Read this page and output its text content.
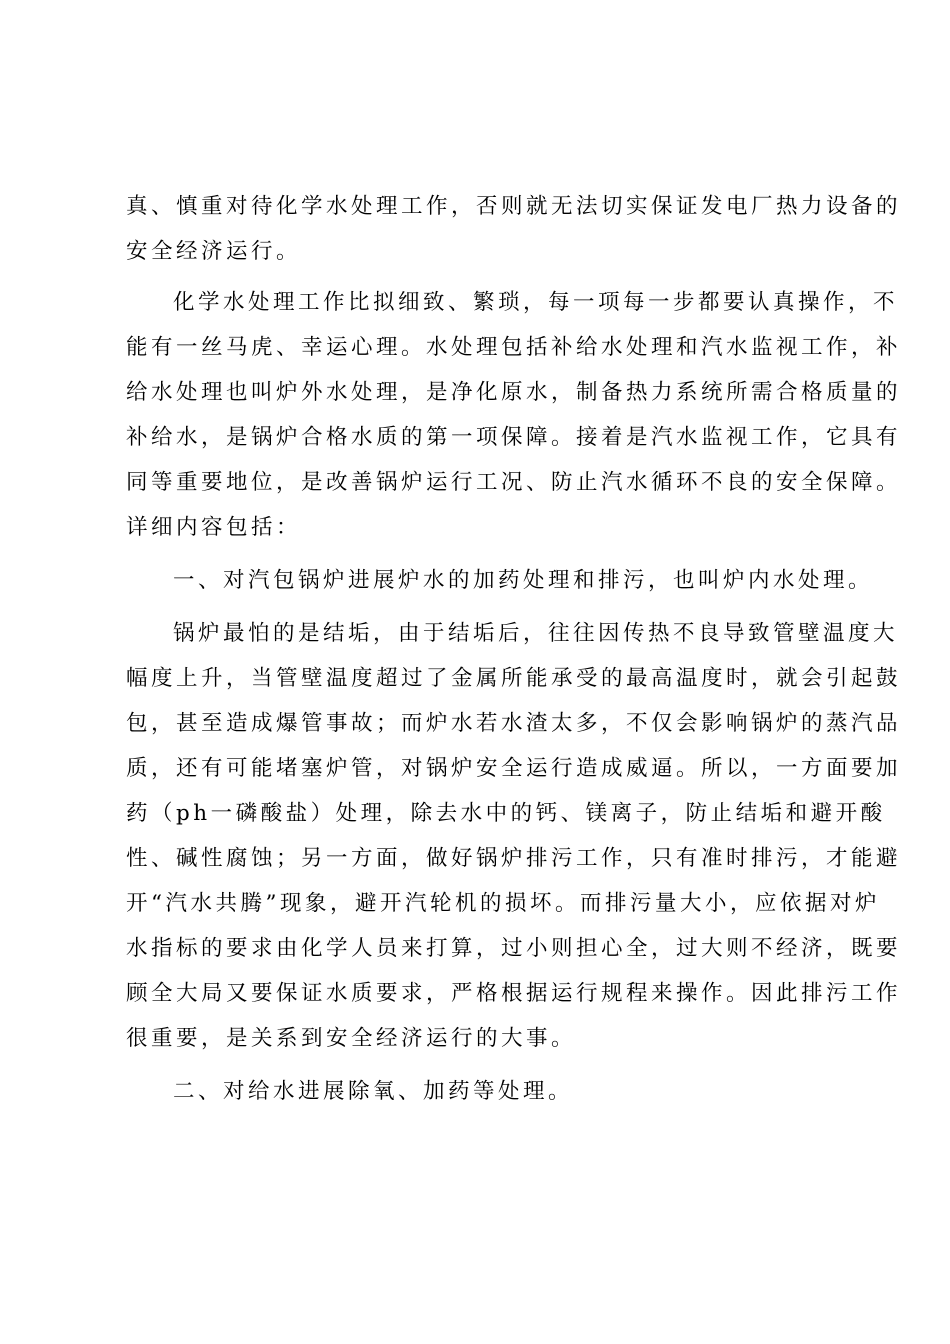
真、慎重对待化学水处理工作，否则就无法切实保证发电厂热力设备的
安全经济运行。
化学水处理工作比拟细致、繁琐，每一项每一步都要认真操作，不
能有一丝马虎、幸运心理。水处理包括补给水处理和汽水监视工作，补
给水处理也叫炉外水处理，是净化原水，制备热力系统所需合格质量的
补给水，是锅炉合格水质的第一项保障。接着是汽水监视工作，它具有
同等重要地位，是改善锅炉运行工况、防止汽水循环不良的安全保障。
详细内容包括：
一、对汽包锅炉进展炉水的加药处理和排污，也叫炉内水处理。
锅炉最怕的是结垢，由于结垢后，往往因传热不良导致管壁温度大
幅度上升，当管壁温度超过了金属所能承受的最高温度时，就会引起鼓
包，甚至造成爆管事故；而炉水若水渣太多，不仅会影响锅炉的蒸汽品
质，还有可能堵塞炉管，对锅炉安全运行造成威逼。所以，一方面要加
药（ph一磷酸盐）处理，除去水中的钙、镁离子，防止结垢和避开酸
性、碱性腐蚀；另一方面，做好锅炉排污工作，只有准时排污，才能避
开“汽水共腾”现象，避开汽轮机的损坏。而排污量大小，应依据对炉
水指标的要求由化学人员来打算，过小则担心全，过大则不经济，既要
顾全大局又要保证水质要求，严格根据运行规程来操作。因此排污工作
很重要，是关系到安全经济运行的大事。
二、对给水进展除氧、加药等处理。
